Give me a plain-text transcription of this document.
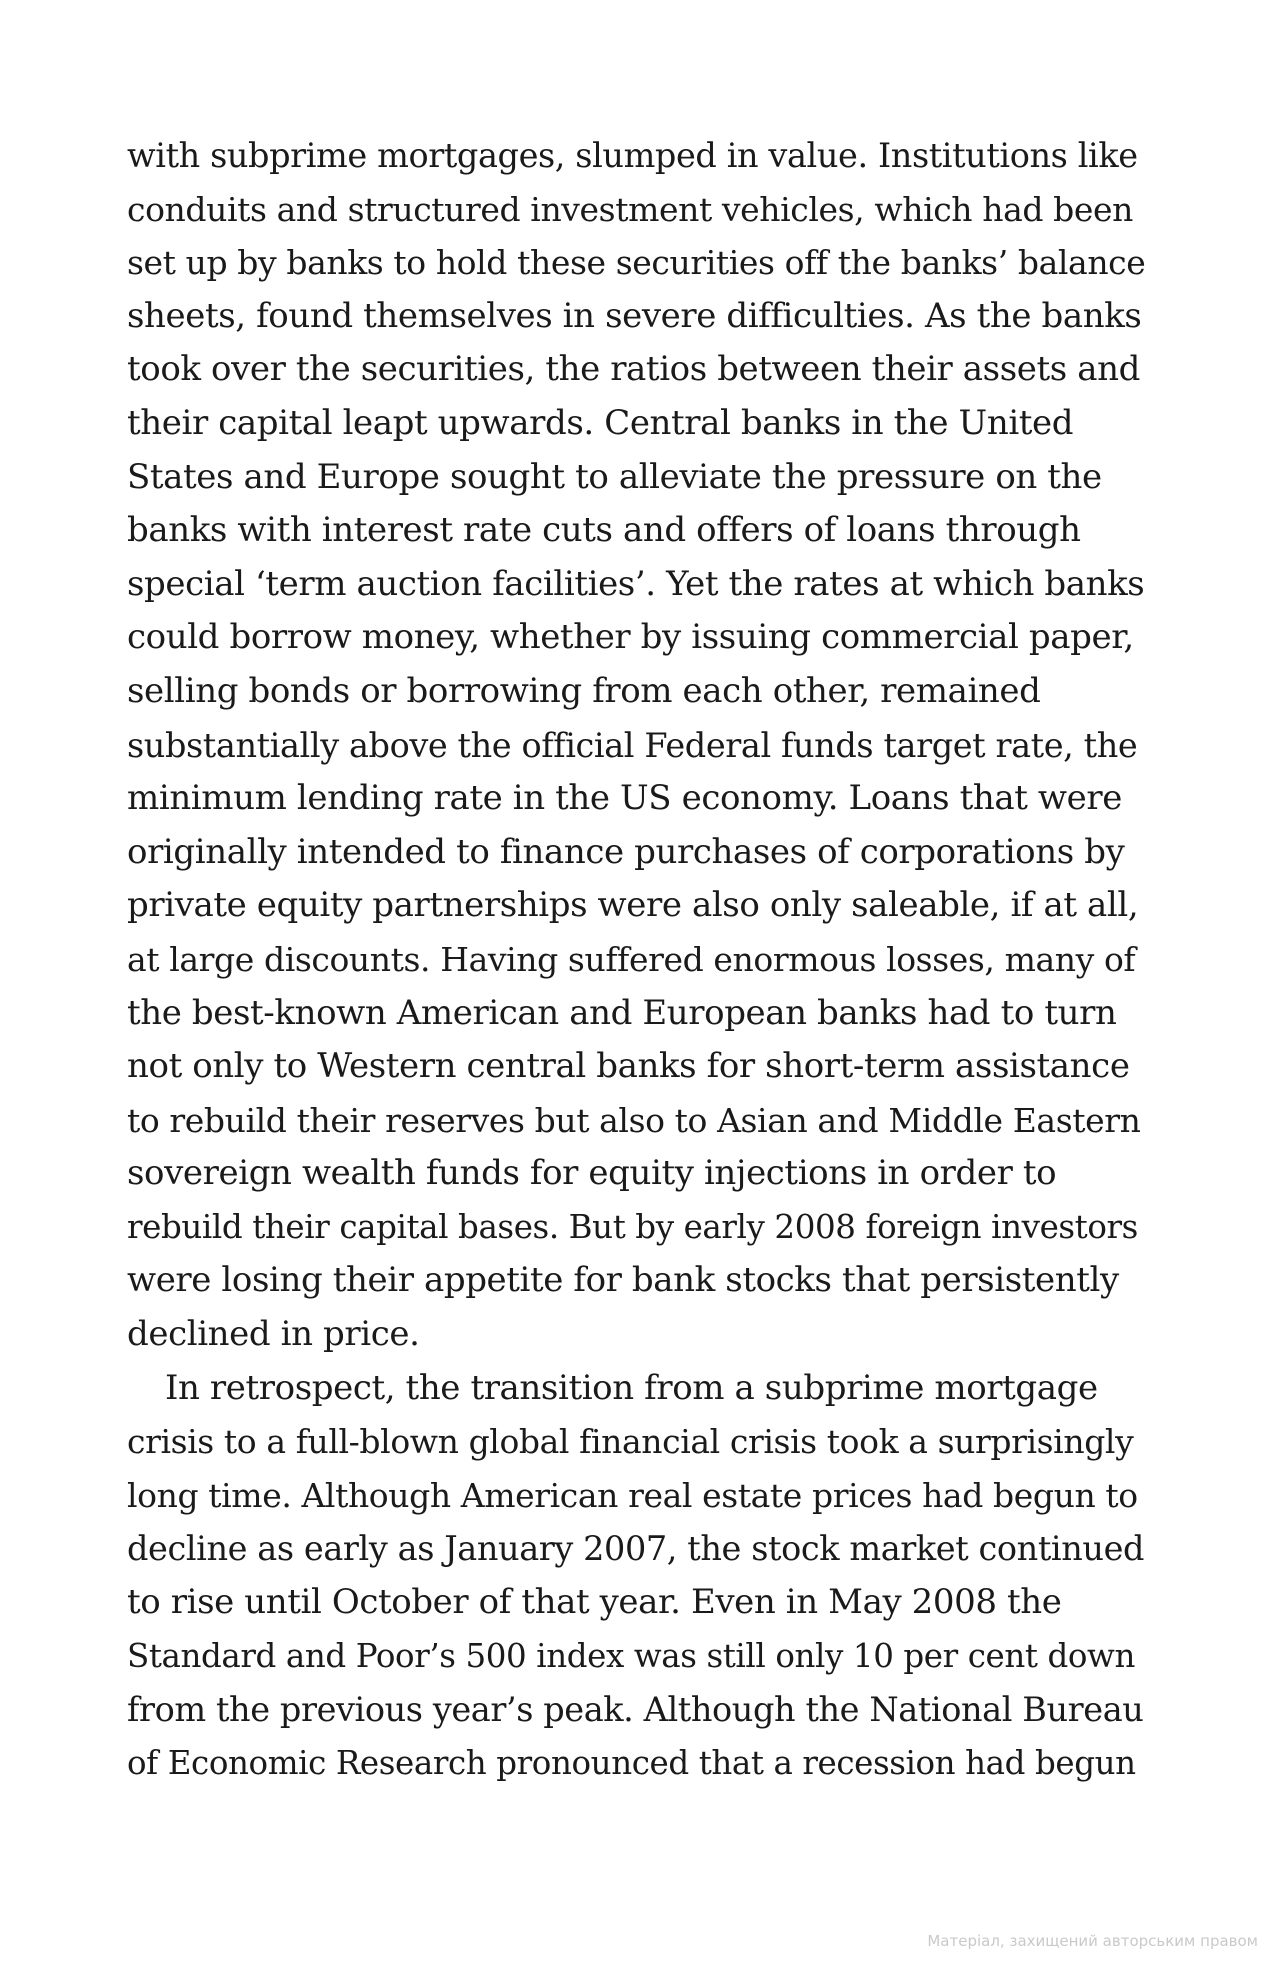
with subprime mortgages, slumped in value. Institutions like
conduits and structured investment vehicles, which had been
set up by banks to hold these securities off the banks’ balance
sheets, found themselves in severe difficulties. As the banks
took over the securities, the ratios between their assets and
their capital leapt upwards. Central banks in the United
States and Europe sought to alleviate the pressure on the
banks with interest rate cuts and offers of loans through
special ‘term auction facilities’. Yet the rates at which banks
could borrow money, whether by issuing commercial paper,
selling bonds or borrowing from each other, remained
substantially above the official Federal funds target rate, the
minimum lending rate in the US economy. Loans that were
originally intended to finance purchases of corporations by
private equity partnerships were also only saleable, if at all,
at large discounts. Having suffered enormous losses, many of
the best-known American and European banks had to turn
not only to Western central banks for short-term assistance
to rebuild their reserves but also to Asian and Middle Eastern
sovereign wealth funds for equity injections in order to
rebuild their capital bases. But by early 2008 foreign investors
were losing their appetite for bank stocks that persistently
declined in price.
In retrospect, the transition from a subprime mortgage
crisis to a full-blown global financial crisis took a surprisingly
long time. Although American real estate prices had begun to
decline as early as January 2007, the stock market continued
to rise until October of that year. Even in May 2008 the
Standard and Poor’s 500 index was still only 10 per cent down
from the previous year’s peak. Although the National Bureau
of Economic Research pronounced that a recession had begun
Матеріал, захищений авторським правом
